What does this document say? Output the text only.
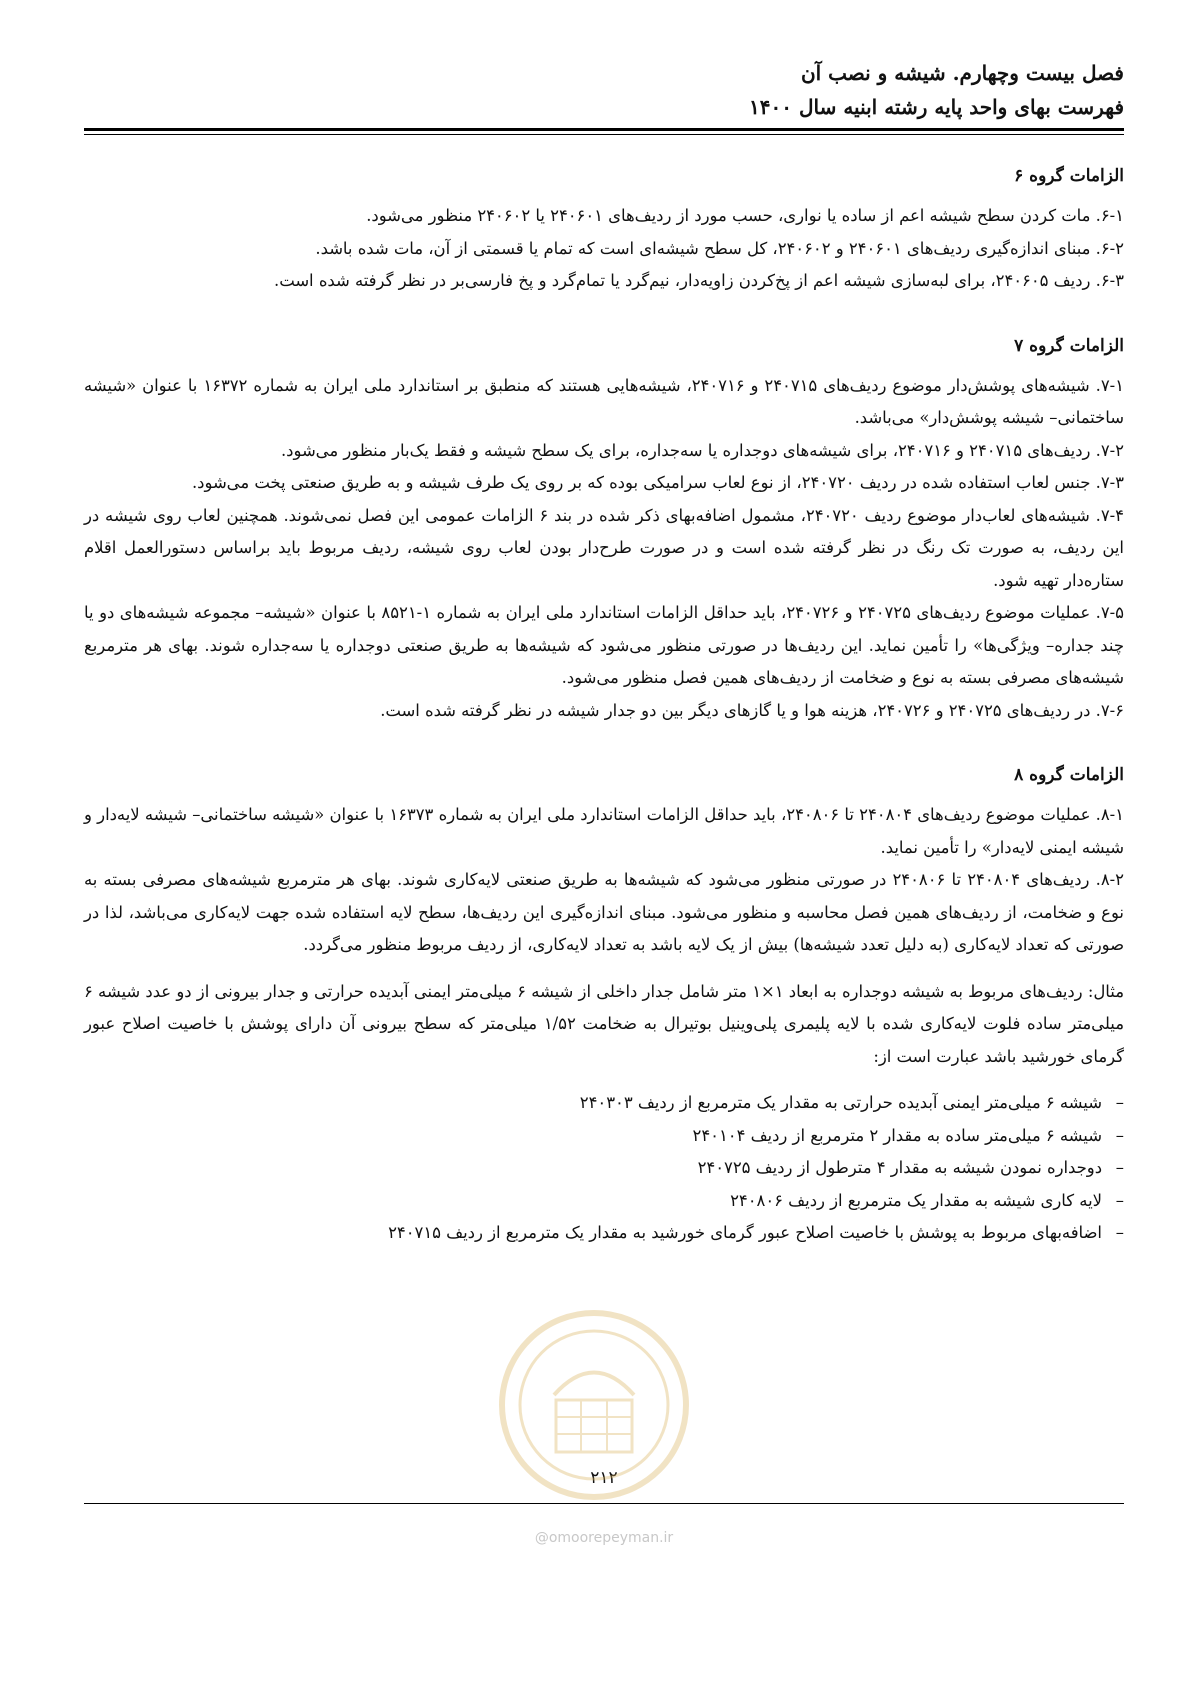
فصل بیست وچهارم. شیشه و نصب آن
فهرست بهای واحد پایه رشته ابنیه سال ۱۴۰۰
الزامات گروه ۶

۶-۱. مات کردن سطح شیشه اعم از ساده یا نواری، حسب مورد از ردیف‌های ۲۴۰۶۰۱ یا ۲۴۰۶۰۲ منظور می‌شود.

۶-۲. مبنای اندازه‌گیری ردیف‌های ۲۴۰۶۰۱ و ۲۴۰۶۰۲، کل سطح شیشه‌ای است که تمام یا قسمتی از آن، مات شده باشد.

۶-۳. ردیف ۲۴۰۶۰۵، برای لبه‌سازی شیشه اعم از پخ‌کردن زاویه‌دار، نیم‌گرد یا تمام‌گرد و پخ فارسی‌بر در نظر گرفته شده است.

الزامات گروه ۷

۷-۱. شیشه‌های پوشش‌دار موضوع ردیف‌های ۲۴۰۷۱۵ و ۲۴۰۷۱۶، شیشه‌هایی هستند که منطبق بر استاندارد ملی ایران به شماره ۱۶۳۷۲ با عنوان «شیشه ساختمانی– شیشه پوشش‌دار» می‌باشد.

۷-۲. ردیف‌های ۲۴۰۷۱۵ و ۲۴۰۷۱۶، برای شیشه‌های دوجداره یا سه‌جداره، برای یک سطح شیشه و فقط یک‌بار منظور می‌شود.

۷-۳. جنس لعاب استفاده شده در ردیف ۲۴۰۷۲۰، از نوع لعاب سرامیکی بوده که بر روی یک طرف شیشه و به طریق صنعتی پخت می‌شود.

۷-۴. شیشه‌های لعاب‌دار موضوع ردیف ۲۴۰۷۲۰، مشمول اضافه‌بهای ذکر شده در بند ۶ الزامات عمومی این فصل نمی‌شوند. همچنین لعاب روی شیشه در این ردیف، به صورت تک رنگ در نظر گرفته شده است و در صورت طرح‌دار بودن لعاب روی شیشه، ردیف مربوط باید براساس دستورالعمل اقلام ستاره‌دار تهیه شود.

۷-۵. عملیات موضوع ردیف‌های ۲۴۰۷۲۵ و ۲۴۰۷۲۶، باید حداقل الزامات استاندارد ملی ایران به شماره ۱-۸۵۲۱ با عنوان «شیشه– مجموعه شیشه‌های دو یا چند جداره– ویژگی‌ها» را تأمین نماید. این ردیف‌ها در صورتی منظور می‌شود که شیشه‌ها به طریق صنعتی دوجداره یا سه‌جداره شوند. بهای هر مترمربع شیشه‌های مصرفی بسته به نوع و ضخامت از ردیف‌های همین فصل منظور می‌شود.

۷-۶. در ردیف‌های ۲۴۰۷۲۵ و ۲۴۰۷۲۶، هزینه هوا و یا گازهای دیگر بین دو جدار شیشه در نظر گرفته شده است.

الزامات گروه ۸

۸-۱. عملیات موضوع ردیف‌های ۲۴۰۸۰۴ تا ۲۴۰۸۰۶، باید حداقل الزامات استاندارد ملی ایران به شماره ۱۶۳۷۳ با عنوان «شیشه ساختمانی– شیشه لایه‌دار و شیشه ایمنی لایه‌دار» را تأمین نماید.

۸-۲. ردیف‌های ۲۴۰۸۰۴ تا ۲۴۰۸۰۶ در صورتی منظور می‌شود که شیشه‌ها به طریق صنعتی لایه‌کاری شوند. بهای هر مترمربع شیشه‌های مصرفی بسته به نوع و ضخامت، از ردیف‌های همین فصل محاسبه و منظور می‌شود. مبنای اندازه‌گیری این ردیف‌ها، سطح لایه استفاده شده جهت لایه‌کاری می‌باشد، لذا در صورتی که تعداد لایه‌کاری (به دلیل تعدد شیشه‌ها) بیش از یک لایه باشد به تعداد لایه‌کاری، از ردیف مربوط منظور می‌گردد.

مثال: ردیف‌های مربوط به شیشه دوجداره به ابعاد ۱×۱ متر شامل جدار داخلی از شیشه ۶ میلی‌متر ایمنی آبدیده حرارتی و جدار بیرونی از دو عدد شیشه ۶ میلی‌متر ساده فلوت لایه‌کاری شده با لایه پلیمری پلی‌وینیل بوتیرال به ضخامت ۱/۵۲ میلی‌متر که سطح بیرونی آن دارای پوشش با خاصیت اصلاح عبور گرمای خورشید باشد عبارت است از:

–
شیشه ۶ میلی‌متر ایمنی آبدیده حرارتی به مقدار یک مترمربع از ردیف ۲۴۰۳۰۳
–
شیشه ۶ میلی‌متر ساده به مقدار ۲ مترمربع از ردیف ۲۴۰۱۰۴
–
دوجداره نمودن شیشه به مقدار ۴ مترطول از ردیف ۲۴۰۷۲۵
–
لایه کاری شیشه به مقدار یک مترمربع از ردیف ۲۴۰۸۰۶
–
اضافه‌بهای مربوط به پوشش با خاصیت اصلاح عبور گرمای خورشید به مقدار یک مترمربع از ردیف ۲۴۰۷۱۵
۲۱۲
@omoorepeyman.ir
